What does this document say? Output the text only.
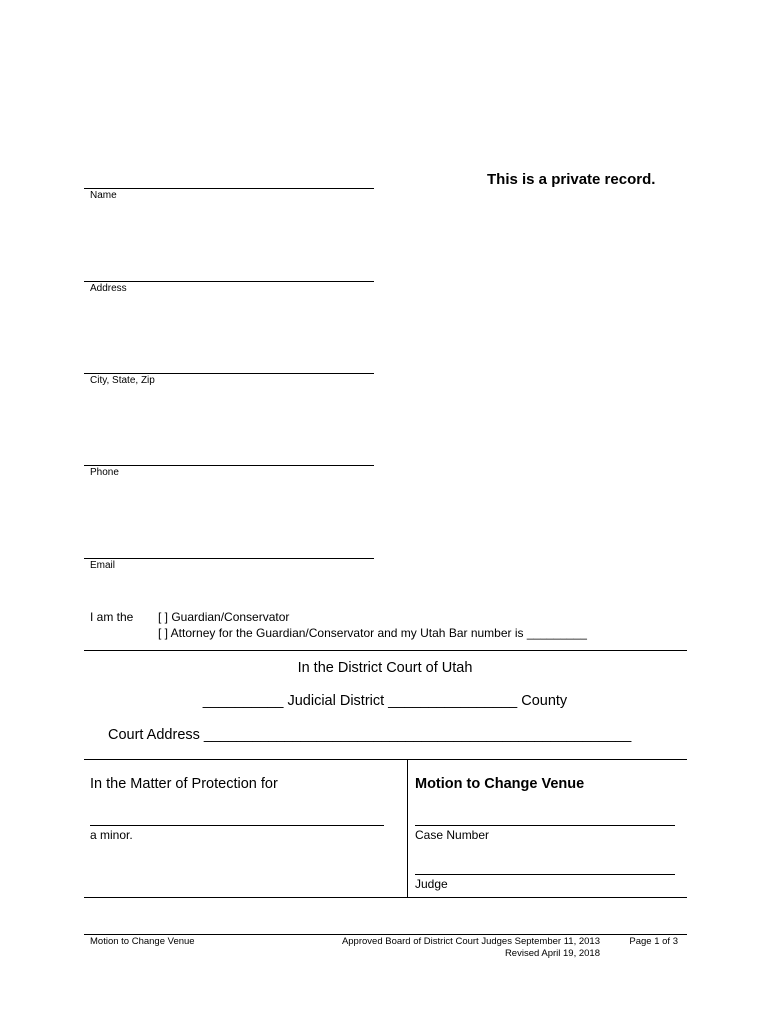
This is a private record.
Name
Address
City, State, Zip
Phone
Email
I am the [ ] Guardian/Conservator
[ ] Attorney for the Guardian/Conservator and my Utah Bar number is _________
In the District Court of Utah
__________ Judicial District ________________ County
Court Address _____________________________________________________
In the Matter of Protection for
a minor.
Motion to Change Venue
Case Number
Judge
Motion to Change Venue	Approved Board of District Court Judges September 11, 2013
Revised April 19, 2018
Page 1 of 3
